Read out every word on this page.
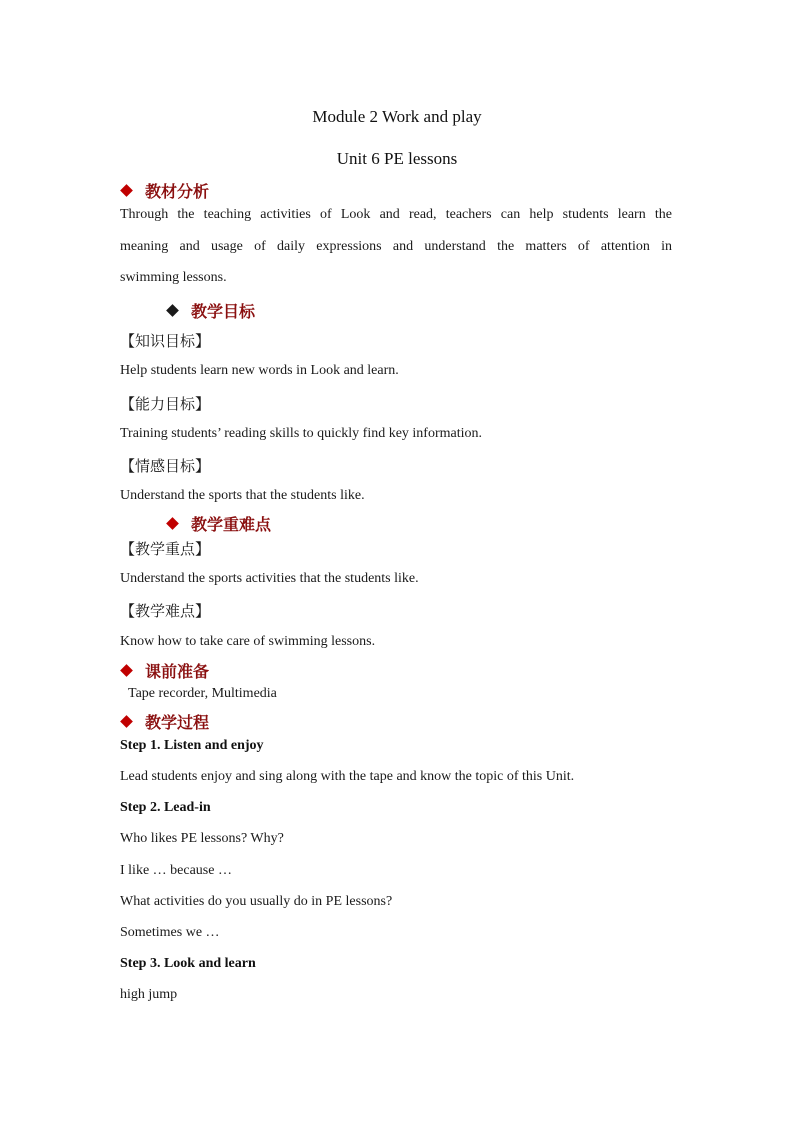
Module 2 Work and play
Unit 6 PE lessons
教材分析
Through the teaching activities of Look and read, teachers can help students learn the
meaning and usage of daily expressions and understand the matters of attention in
swimming lessons.
教学目标
【知识目标】
Help students learn new words in Look and learn.
【能力目标】
Training students’ reading skills to quickly find key information.
【情感目标】
Understand the sports that the students like.
教学重难点
【教学重点】
Understand the sports activities that the students like.
【教学难点】
Know how to take care of swimming lessons.
课前准备
Tape recorder, Multimedia
教学过程
Step 1. Listen and enjoy
Lead students enjoy and sing along with the tape and know the topic of this Unit.
Step 2. Lead-in
Who likes PE lessons? Why?
I like … because …
What activities do you usually do in PE lessons?
Sometimes we …
Step 3. Look and learn
high jump
